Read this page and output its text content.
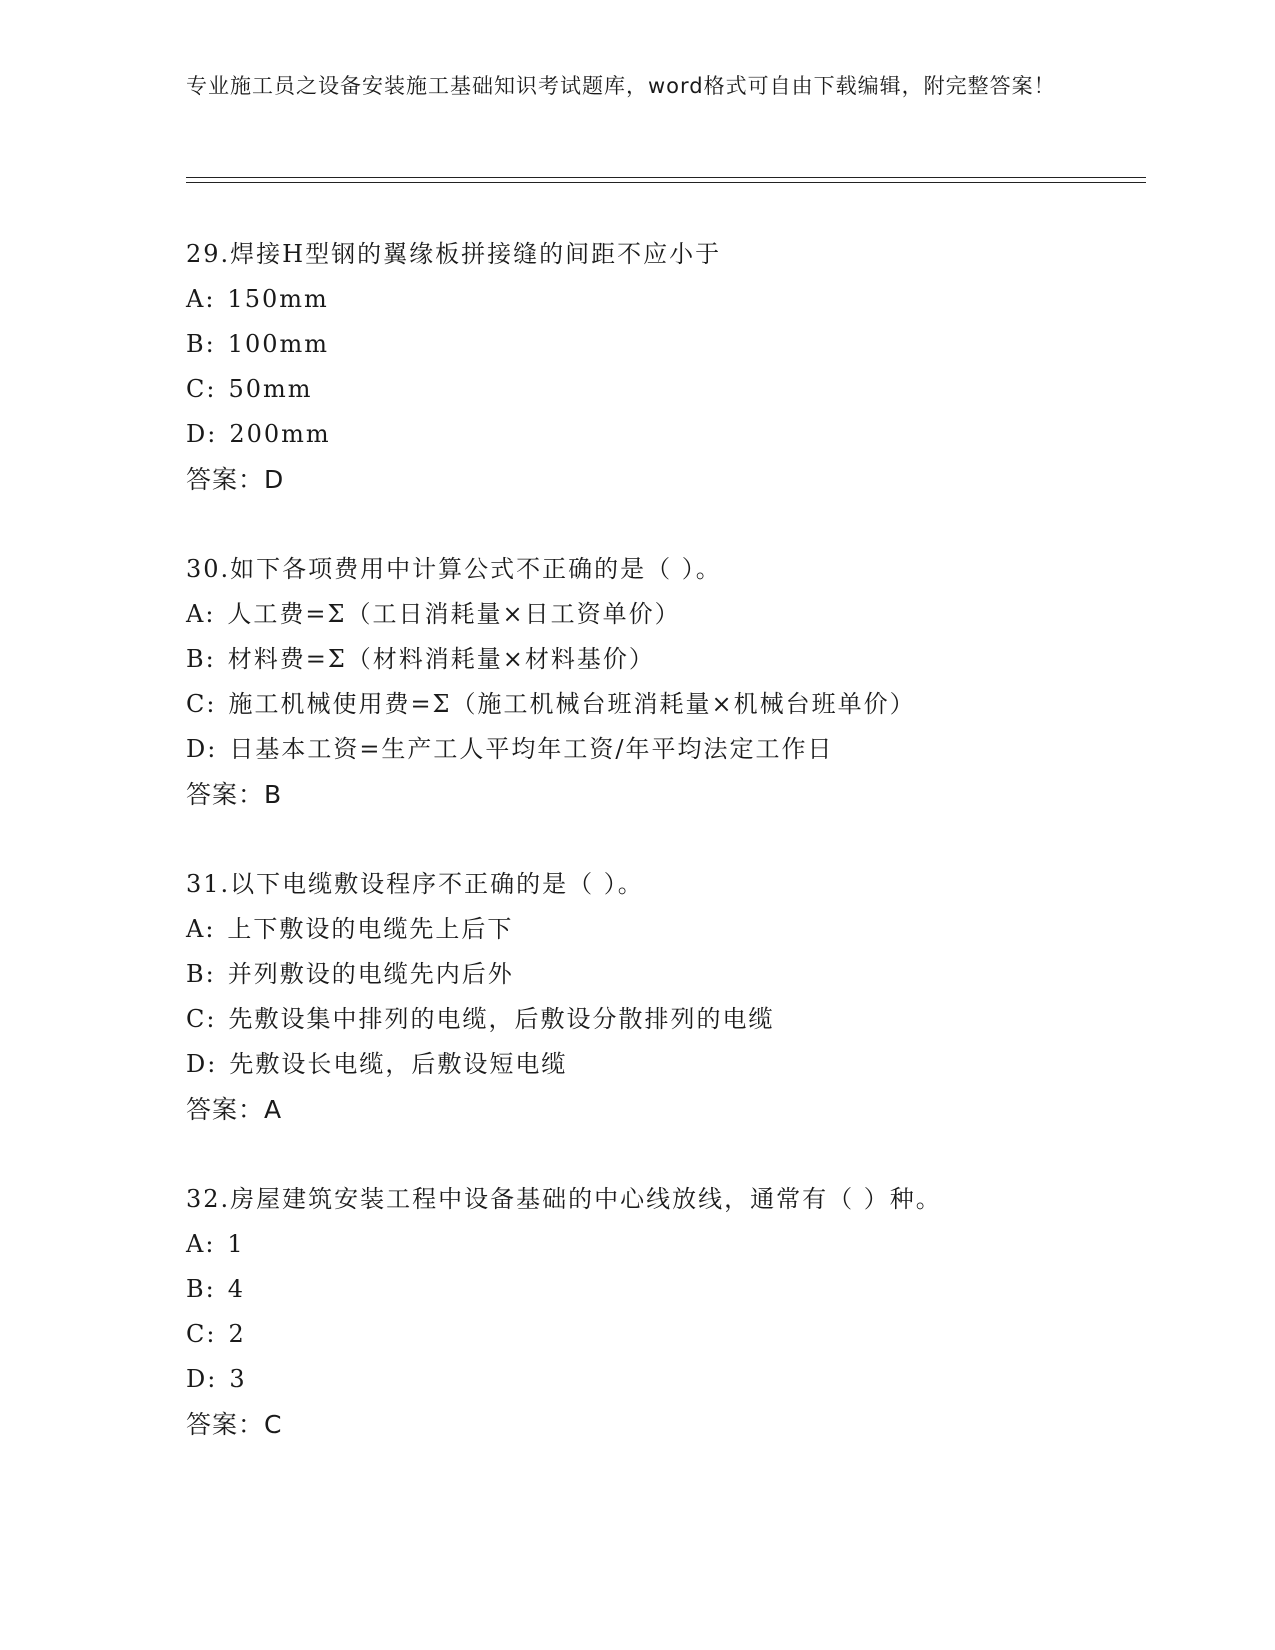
专业施工员之设备安装施工基础知识考试题库，word格式可自由下载编辑，附完整答案！
29.焊接H型钢的翼缘板拼接缝的间距不应小于
A: 150mm
B: 100mm
C: 50mm
D: 200mm
答案：D
30.如下各项费用中计算公式不正确的是（ ）。
A: 人工费=Σ（工日消耗量×日工资单价）
B: 材料费=Σ（材料消耗量×材料基价）
C: 施工机械使用费=Σ（施工机械台班消耗量×机械台班单价）
D: 日基本工资=生产工人平均年工资/年平均法定工作日
答案：B
31.以下电缆敷设程序不正确的是（ ）。
A: 上下敷设的电缆先上后下
B: 并列敷设的电缆先内后外
C: 先敷设集中排列的电缆，后敷设分散排列的电缆
D: 先敷设长电缆，后敷设短电缆
答案：A
32.房屋建筑安装工程中设备基础的中心线放线，通常有（ ）种。
A: 1
B: 4
C: 2
D: 3
答案：C
